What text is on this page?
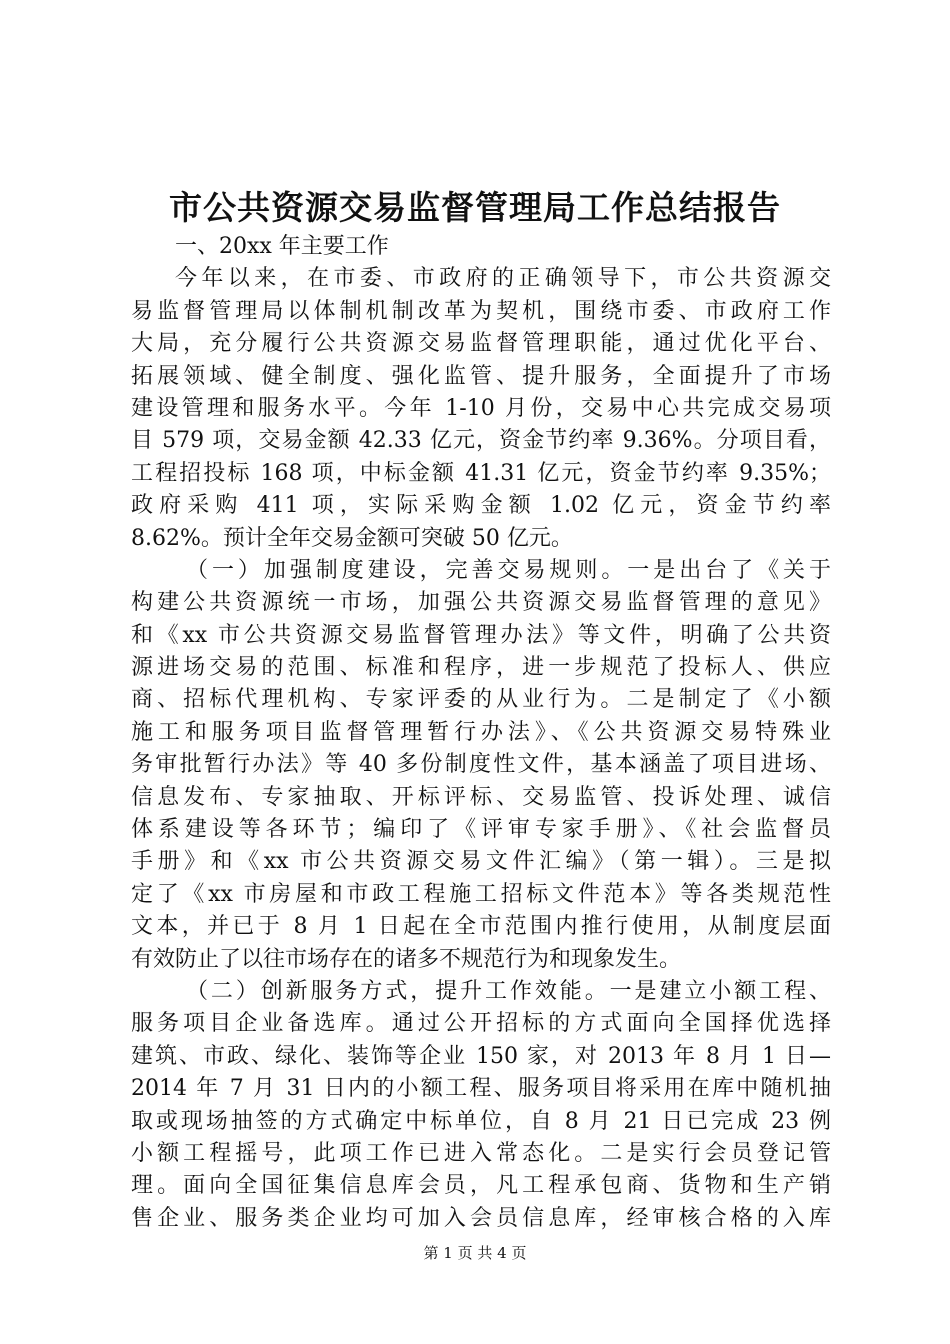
市公共资源交易监督管理局工作总结报告
一、20xx 年主要工作
今年以来，在市委、市政府的正确领导下，市公共资源交
易监督管理局以体制机制改革为契机，围绕市委、市政府工作
大局，充分履行公共资源交易监督管理职能，通过优化平台、
拓展领域、健全制度、强化监管、提升服务，全面提升了市场
建设管理和服务水平。今年 1-10 月份，交易中心共完成交易项
目 579 项，交易金额 42.33 亿元，资金节约率 9.36%。分项目看，
工程招投标 168 项，中标金额 41.31 亿元，资金节约率 9.35%；
政府采购 411 项，实际采购金额 1.02 亿元，资金节约率
8.62%。预计全年交易金额可突破 50 亿元。
（一）加强制度建设，完善交易规则。一是出台了《关于
构建公共资源统一市场，加强公共资源交易监督管理的意见》
和《xx 市公共资源交易监督管理办法》等文件，明确了公共资
源进场交易的范围、标准和程序，进一步规范了投标人、供应
商、招标代理机构、专家评委的从业行为。二是制定了《小额
施工和服务项目监督管理暂行办法》、《公共资源交易特殊业
务审批暂行办法》等 40 多份制度性文件，基本涵盖了项目进场、
信息发布、专家抽取、开标评标、交易监管、投诉处理、诚信
体系建设等各环节；编印了《评审专家手册》、《社会监督员
手册》和《xx 市公共资源交易文件汇编》（第一辑）。三是拟
定了《xx 市房屋和市政工程施工招标文件范本》等各类规范性
文本，并已于 8 月 1 日起在全市范围内推行使用，从制度层面
有效防止了以往市场存在的诸多不规范行为和现象发生。
（二）创新服务方式，提升工作效能。一是建立小额工程、
服务项目企业备选库。通过公开招标的方式面向全国择优选择
建筑、市政、绿化、装饰等企业 150 家，对 2013 年 8 月 1 日—
2014 年 7 月 31 日内的小额工程、服务项目将采用在库中随机抽
取或现场抽签的方式确定中标单位，自 8 月 21 日已完成 23 例
小额工程摇号，此项工作已进入常态化。二是实行会员登记管
理。面向全国征集信息库会员，凡工程承包商、货物和生产销
售企业、服务类企业均可加入会员信息库，经审核合格的入库
第 1 页 共 4 页
